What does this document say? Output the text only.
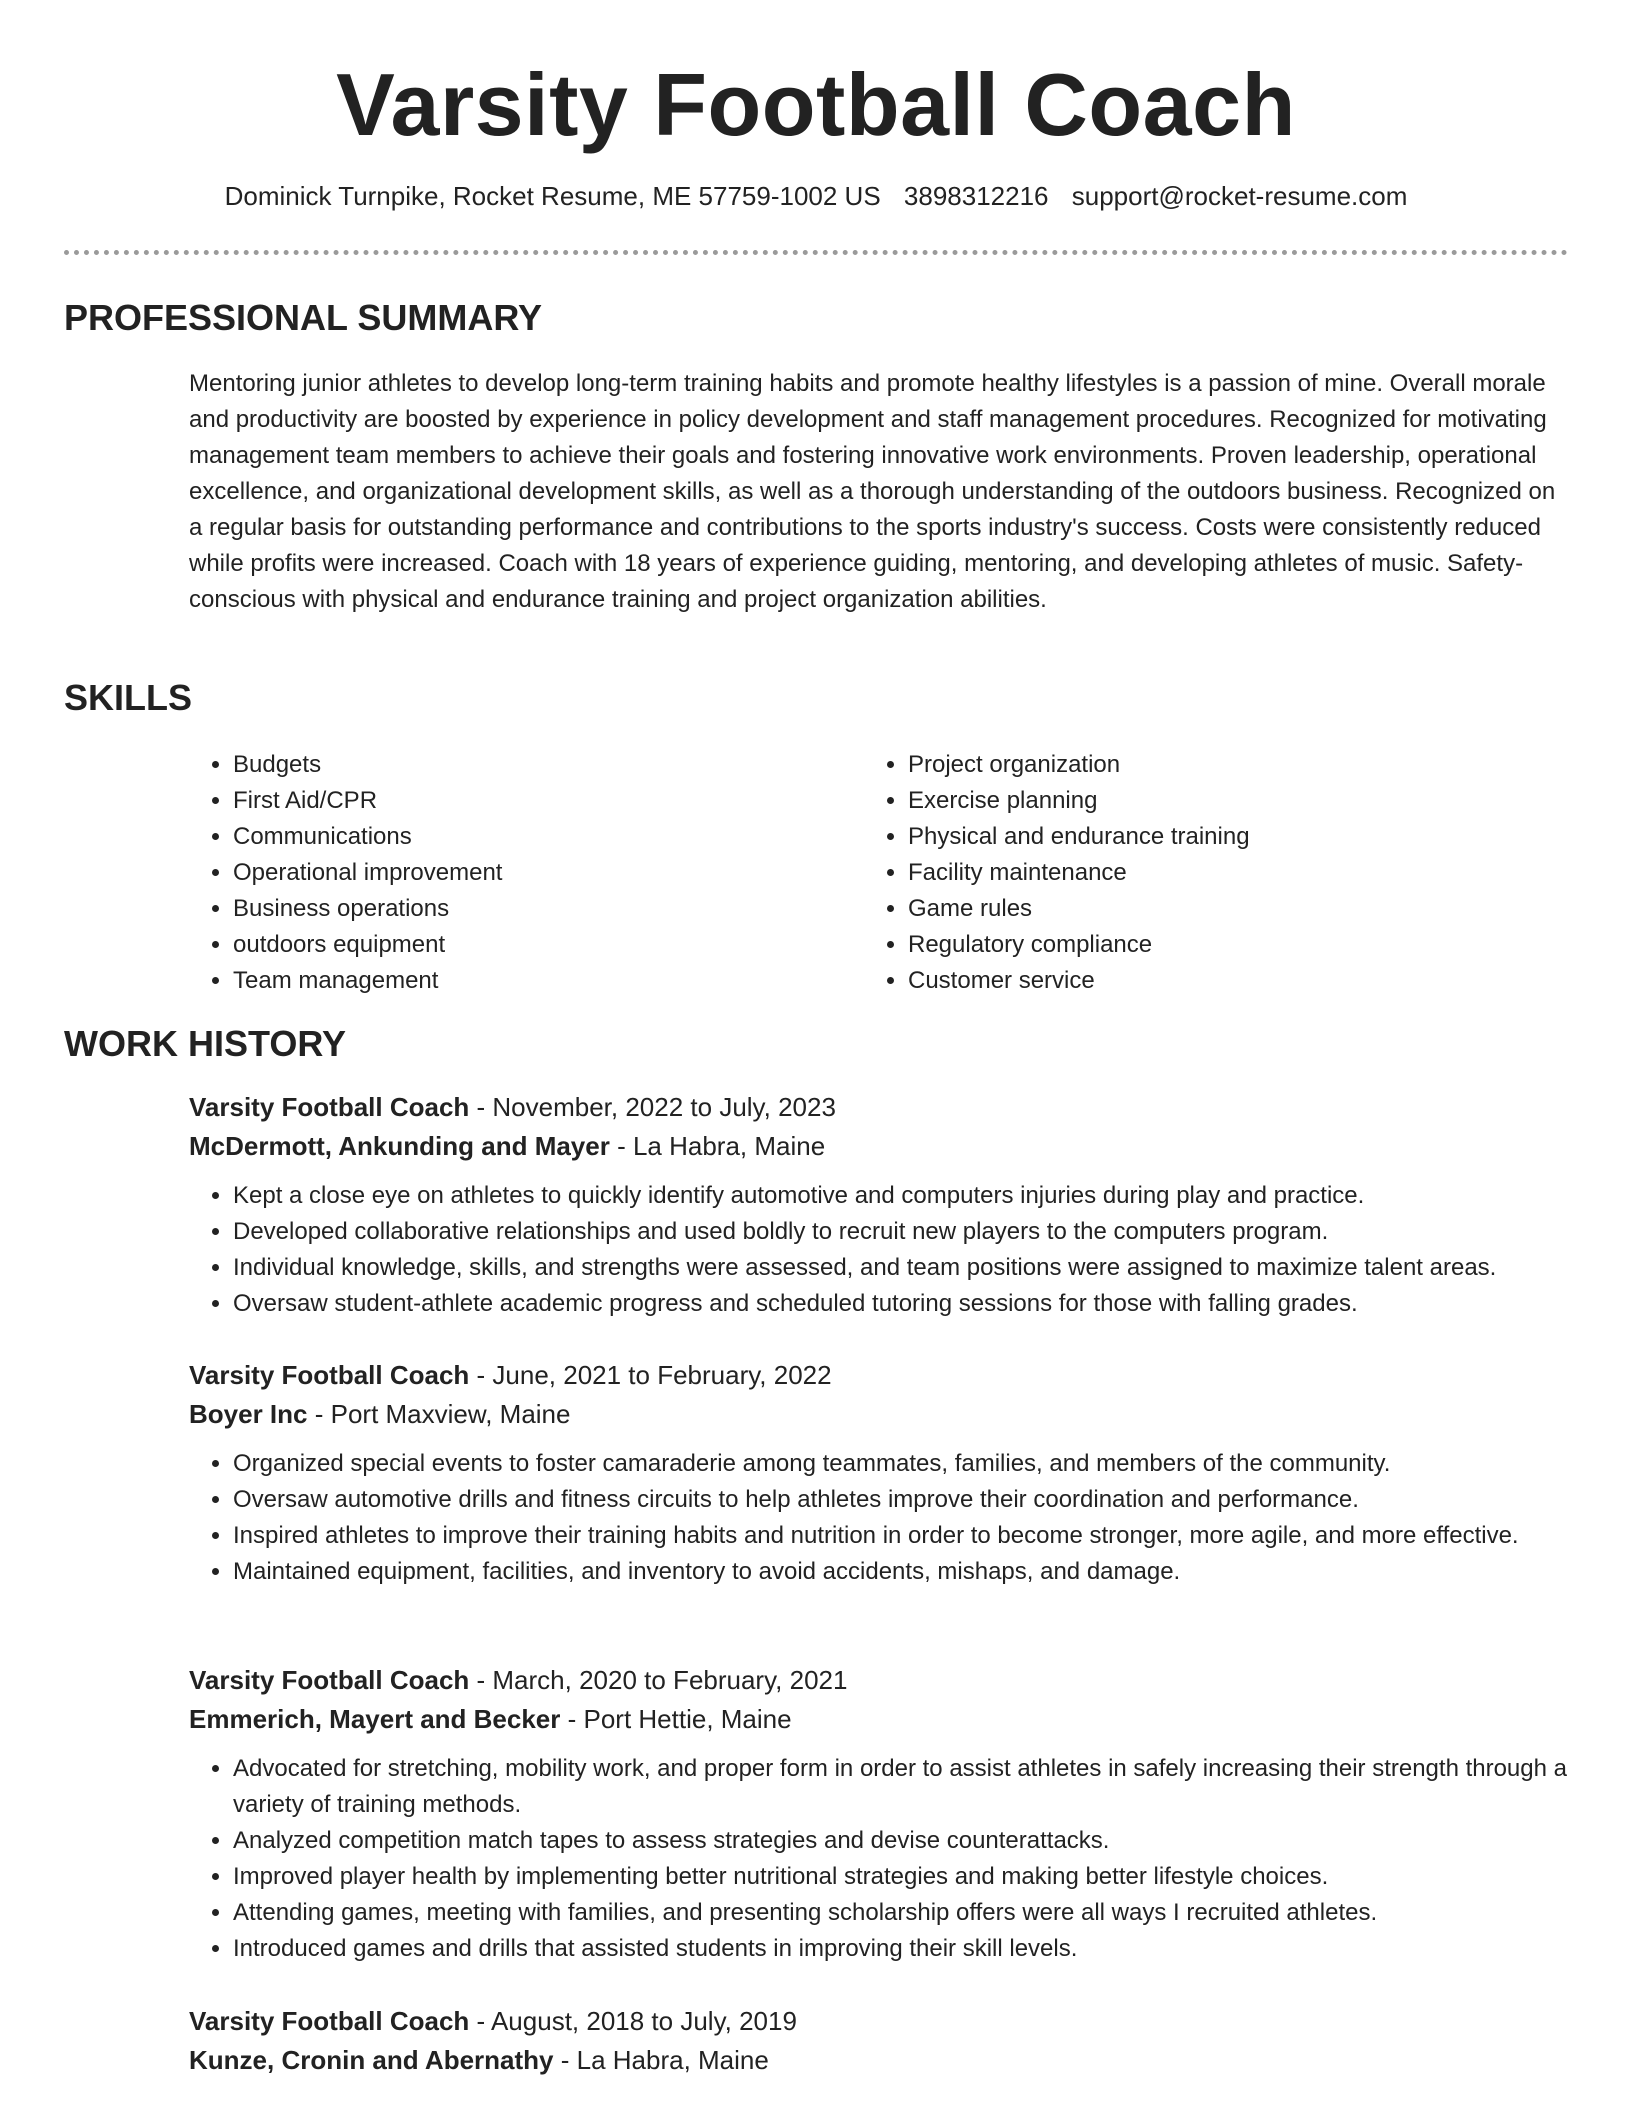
Varsity Football Coach
Dominick Turnpike, Rocket Resume, ME 57759-1002 US 3898312216 support@rocket-resume.com
PROFESSIONAL SUMMARY
Mentoring junior athletes to develop long-term training habits and promote healthy lifestyles is a passion of mine. Overall morale and productivity are boosted by experience in policy development and staff management procedures. Recognized for motivating management team members to achieve their goals and fostering innovative work environments. Proven leadership, operational excellence, and organizational development skills, as well as a thorough understanding of the outdoors business. Recognized on a regular basis for outstanding performance and contributions to the sports industry's success. Costs were consistently reduced while profits were increased. Coach with 18 years of experience guiding, mentoring, and developing athletes of music. Safety-conscious with physical and endurance training and project organization abilities.
SKILLS
• Budgets
• First Aid/CPR
• Communications
• Operational improvement
• Business operations
• outdoors equipment
• Team management
• Project organization
• Exercise planning
• Physical and endurance training
• Facility maintenance
• Game rules
• Regulatory compliance
• Customer service
WORK HISTORY
Varsity Football Coach - November, 2022 to July, 2023
McDermott, Ankunding and Mayer - La Habra, Maine
• Kept a close eye on athletes to quickly identify automotive and computers injuries during play and practice.
• Developed collaborative relationships and used boldly to recruit new players to the computers program.
• Individual knowledge, skills, and strengths were assessed, and team positions were assigned to maximize talent areas.
• Oversaw student-athlete academic progress and scheduled tutoring sessions for those with falling grades.
Varsity Football Coach - June, 2021 to February, 2022
Boyer Inc - Port Maxview, Maine
• Organized special events to foster camaraderie among teammates, families, and members of the community.
• Oversaw automotive drills and fitness circuits to help athletes improve their coordination and performance.
• Inspired athletes to improve their training habits and nutrition in order to become stronger, more agile, and more effective.
• Maintained equipment, facilities, and inventory to avoid accidents, mishaps, and damage.
Varsity Football Coach - March, 2020 to February, 2021
Emmerich, Mayert and Becker - Port Hettie, Maine
• Advocated for stretching, mobility work, and proper form in order to assist athletes in safely increasing their strength through a variety of training methods.
• Analyzed competition match tapes to assess strategies and devise counterattacks.
• Improved player health by implementing better nutritional strategies and making better lifestyle choices.
• Attending games, meeting with families, and presenting scholarship offers were all ways I recruited athletes.
• Introduced games and drills that assisted students in improving their skill levels.
Varsity Football Coach - August, 2018 to July, 2019
Kunze, Cronin and Abernathy - La Habra, Maine
